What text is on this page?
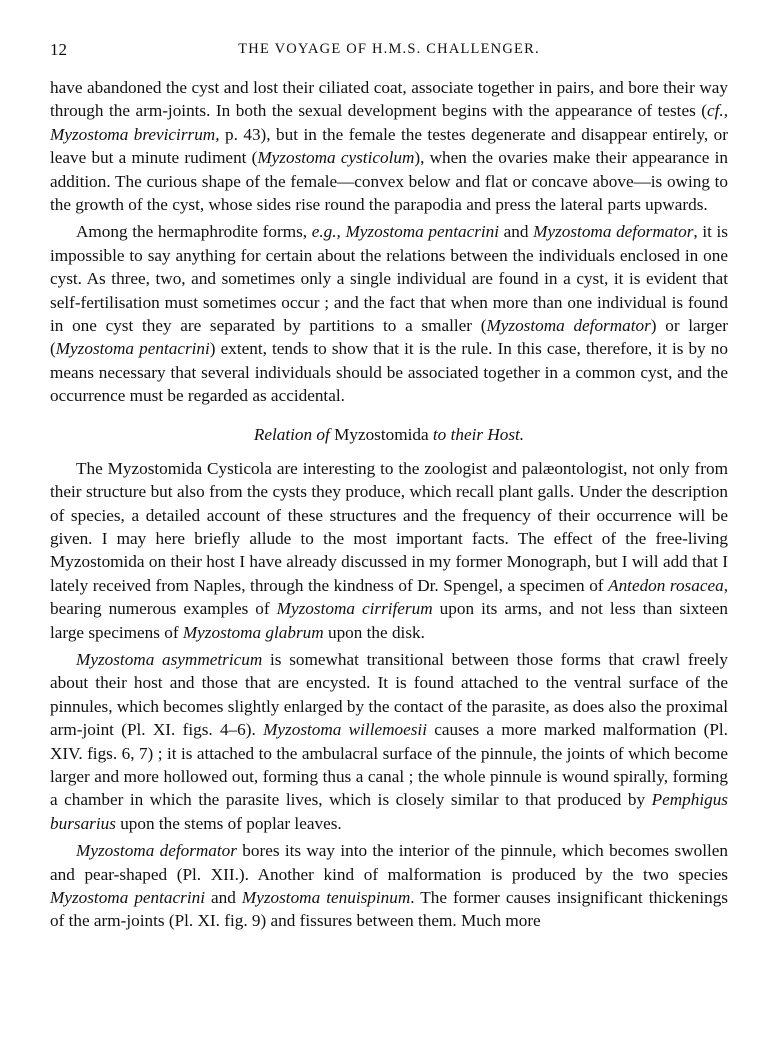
12	THE VOYAGE OF H.M.S. CHALLENGER.

have abandoned the cyst and lost their ciliated coat, associate together in pairs, and bore their way through the arm-joints. In both the sexual development begins with the appearance of testes (cf., Myzostoma brevicirrum, p. 43), but in the female the testes degenerate and disappear entirely, or leave but a minute rudiment (Myzostoma cysticolum), when the ovaries make their appearance in addition. The curious shape of the female—convex below and flat or concave above—is owing to the growth of the cyst, whose sides rise round the parapodia and press the lateral parts upwards.

Among the hermaphrodite forms, e.g., Myzostoma pentacrini and Myzostoma deformator, it is impossible to say anything for certain about the relations between the individuals enclosed in one cyst. As three, two, and sometimes only a single individual are found in a cyst, it is evident that self-fertilisation must sometimes occur ; and the fact that when more than one individual is found in one cyst they are separated by partitions to a smaller (Myzostoma deformator) or larger (Myzostoma pentacrini) extent, tends to show that it is the rule. In this case, therefore, it is by no means necessary that several individuals should be associated together in a common cyst, and the occurrence must be regarded as accidental.

Relation of Myzostomida to their Host.

The Myzostomida Cysticola are interesting to the zoologist and palæontologist, not only from their structure but also from the cysts they produce, which recall plant galls. Under the description of species, a detailed account of these structures and the frequency of their occurrence will be given. I may here briefly allude to the most important facts. The effect of the free-living Myzostomida on their host I have already discussed in my former Monograph, but I will add that I lately received from Naples, through the kindness of Dr. Spengel, a specimen of Antedon rosacea, bearing numerous examples of Myzostoma cirriferum upon its arms, and not less than sixteen large specimens of Myzostoma glabrum upon the disk.

Myzostoma asymmetricum is somewhat transitional between those forms that crawl freely about their host and those that are encysted. It is found attached to the ventral surface of the pinnules, which becomes slightly enlarged by the contact of the parasite, as does also the proximal arm-joint (Pl. XI. figs. 4–6). Myzostoma willemoesii causes a more marked malformation (Pl. XIV. figs. 6, 7) ; it is attached to the ambulacral surface of the pinnule, the joints of which become larger and more hollowed out, forming thus a canal ; the whole pinnule is wound spirally, forming a chamber in which the parasite lives, which is closely similar to that produced by Pemphigus bursarius upon the stems of poplar leaves.

Myzostoma deformator bores its way into the interior of the pinnule, which becomes swollen and pear-shaped (Pl. XII.). Another kind of malformation is produced by the two species Myzostoma pentacrini and Myzostoma tenuispinum. The former causes insignificant thickenings of the arm-joints (Pl. XI. fig. 9) and fissures between them. Much more
